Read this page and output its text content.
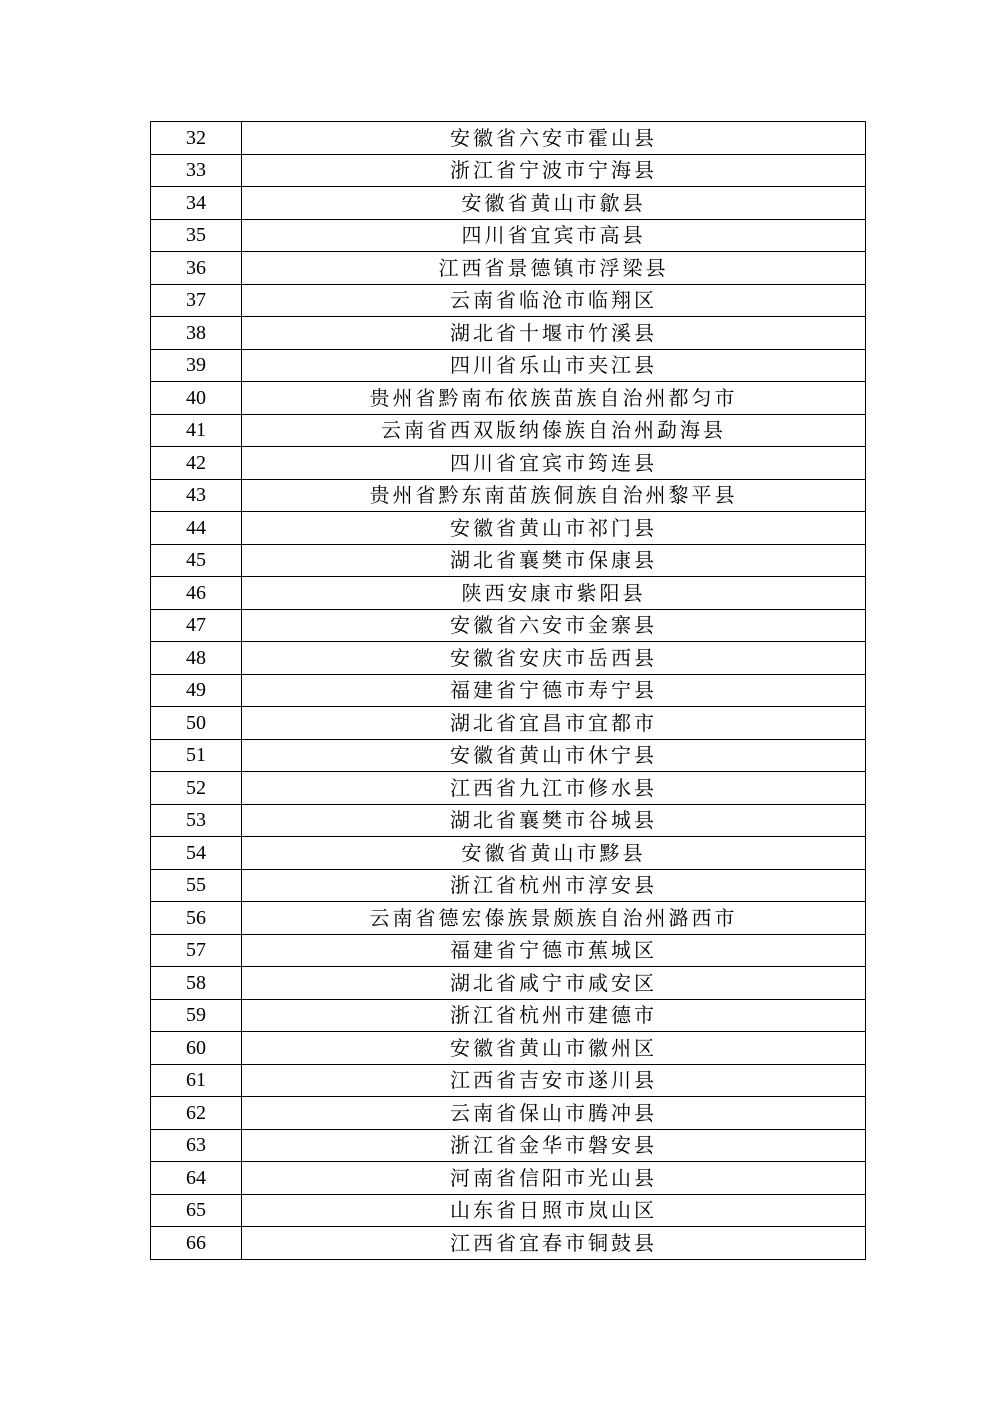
32	安徽省六安市霍山县
33	浙江省宁波市宁海县
34	安徽省黄山市歙县
35	四川省宜宾市高县
36	江西省景德镇市浮梁县
37	云南省临沧市临翔区
38	湖北省十堰市竹溪县
39	四川省乐山市夹江县
40	贵州省黔南布依族苗族自治州都匀市
41	云南省西双版纳傣族自治州勐海县
42	四川省宜宾市筠连县
43	贵州省黔东南苗族侗族自治州黎平县
44	安徽省黄山市祁门县
45	湖北省襄樊市保康县
46	陕西安康市紫阳县
47	安徽省六安市金寨县
48	安徽省安庆市岳西县
49	福建省宁德市寿宁县
50	湖北省宜昌市宜都市
51	安徽省黄山市休宁县
52	江西省九江市修水县
53	湖北省襄樊市谷城县
54	安徽省黄山市黟县
55	浙江省杭州市淳安县
56	云南省德宏傣族景颇族自治州潞西市
57	福建省宁德市蕉城区
58	湖北省咸宁市咸安区
59	浙江省杭州市建德市
60	安徽省黄山市徽州区
61	江西省吉安市遂川县
62	云南省保山市腾冲县
63	浙江省金华市磐安县
64	河南省信阳市光山县
65	山东省日照市岚山区
66	江西省宜春市铜鼓县
